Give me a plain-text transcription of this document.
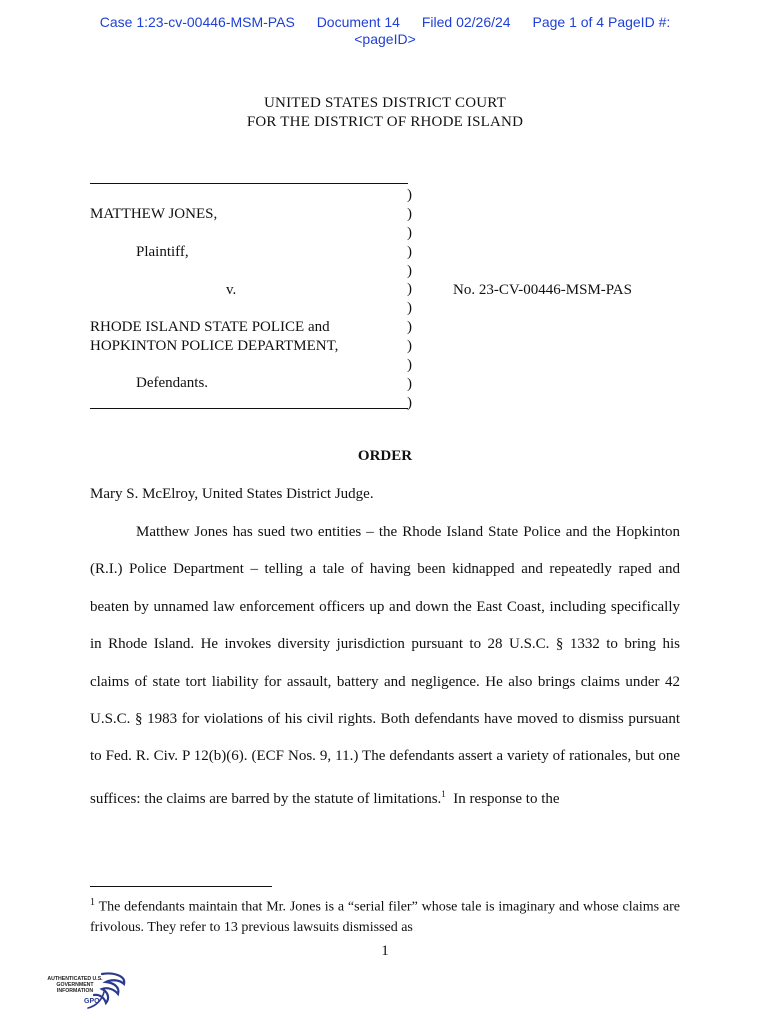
Case 1:23-cv-00446-MSM-PAS Document 14 Filed 02/26/24 Page 1 of 4 PageID #:
<pageID>
UNITED STATES DISTRICT COURT
FOR THE DISTRICT OF RHODE ISLAND
)
)
)
)
)
)
)
)
)
)
)
)
MATTHEW JONES,
Plaintiff,
v.	No. 23-CV-00446-MSM-PAS
RHODE ISLAND STATE POLICE and
HOPKINTON POLICE DEPARTMENT,
Defendants.
ORDER
Mary S. McElroy, United States District Judge.

Matthew Jones has sued two entities – the Rhode Island State Police and the Hopkinton (R.I.) Police Department – telling a tale of having been kidnapped and repeatedly raped and beaten by unnamed law enforcement officers up and down the East Coast, including specifically in Rhode Island. He invokes diversity jurisdiction pursuant to 28 U.S.C. § 1332 to bring his claims of state tort liability for assault, battery and negligence. He also brings claims under 42 U.S.C. § 1983 for violations of his civil rights. Both defendants have moved to dismiss pursuant to Fed. R. Civ. P 12(b)(6). (ECF Nos. 9, 11.) The defendants assert a variety of rationales, but one suffices: the claims are barred by the statute of limitations.$^1$ In response to the

$^1$ The defendants maintain that Mr. Jones is a “serial filer” whose tale is imaginary and whose claims are frivolous. They refer to 13 previous lawsuits dismissed as

1
AUTHENTICATED U.S. GOVERNMENT INFORMATION
GPO
